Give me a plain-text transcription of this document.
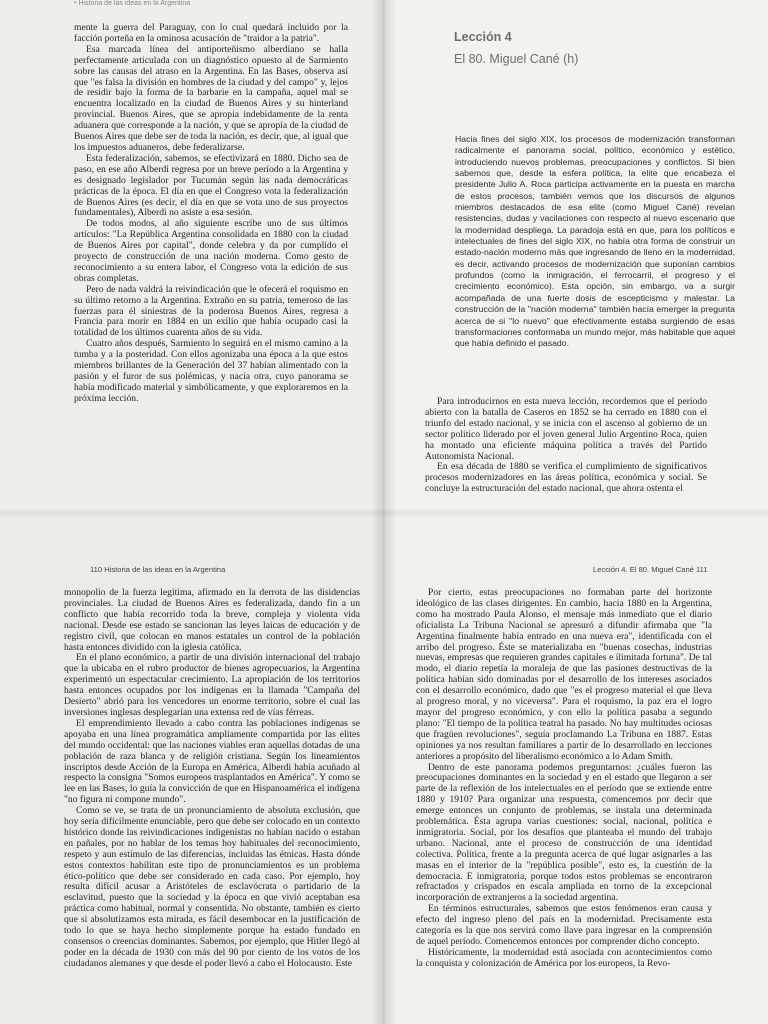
ⁿ Historia de las ideas en la Argentina

mente la guerra del Paraguay, con lo cual quedará incluido por la facción porteña en la ominosa acusación de "traidor a la patria".

Esa marcada línea del antiporteñismo alberdiano se halla perfectamente articulada con un diagnóstico opuesto al de Sarmiento sobre las causas del atraso en la Argentina. En las Bases, observa así que "es falsa la división en hombres de la ciudad y del campo" y, lejos de residir bajo la forma de la barbarie en la campaña, aquel mal se encuentra localizado en la ciudad de Buenos Aires y su hinterland provincial. Buenos Aires, que se apropia indebidamente de la renta aduanera que corresponde a la nación, y que se apropia de la ciudad de Buenos Aires que debe ser de toda la nación, es decir, que, al igual que los impuestos aduaneros, debe federalizarse.

Esta federalización, sabemos, se efectivizará en 1880. Dicho sea de paso, en ese año Alberdi regresa por un breve período a la Argentina y es designado legislador por Tucumán según las nada democráticas prácticas de la época. El día en que el Congreso vota la federalización de Buenos Aires (es decir, el día en que se vota uno de sus proyectos fundamentales), Alberdi no asiste a esa sesión.

De todos modos, al año siguiente escribe uno de sus últimos artículos: "La República Argentina consolidada en 1880 con la ciudad de Buenos Aires por capital", donde celebra y da por cumplido el proyecto de construcción de una nación moderna. Como gesto de reconocimiento a su entera labor, el Congreso vota la edición de sus obras completas.

Pero de nada valdrá la reivindicación que le ofecerá el roquismo en su último retorno a la Argentina. Extraño en su patria, temeroso de las fuerzas para él siniestras de la poderosa Buenos Aires, regresa a Francia para morir en 1884 en un exilio que había ocupado casi la totalidad de los últimos cuarenta años de su vida.

Cuatro años después, Sarmiento lo seguirá en el mismo camino a la tumba y a la posteridad. Con ellos agonizaba una época a la que estos miembros brillantes de la Generación del 37 habían alimentado con la pasión y el furor de sus polémicas, y nacía otra, cuyo panorama se había modificado material y simbólicamente, y que exploraremos en la próxima lección.

Lección 4
El 80. Miguel Cané (h)
Hacia fines del siglo XIX, los procesos de modernización transforman radicalmente el panorama social, político, económico y estético, introduciendo nuevos problemas, preocupaciones y conflictos. Si bien sabemos que, desde la esfera política, la elite que encabeza el presidente Julio A. Roca participa activamente en la puesta en marcha de estos procesos, también vemos que los discursos de algunos miembros destacados de esa elite (como Miguel Cané) revelan resistencias, dudas y vacilaciones con respecto al nuevo escenario que la modernidad despliega. La paradoja está en que, para los políticos e intelectuales de fines del siglo XIX, no había otra forma de construir un estado-nación moderno más que ingresando de lleno en la modernidad, es decir, activando procesos de modernización que suponían cambios profundos (como la inmigración, el ferrocarril, el progreso y el crecimiento económico). Esta opción, sin embargo, va a surgir acompañada de una fuerte dosis de escepticismo y malestar. La construcción de la "nación moderna" también hacía emerger la pregunta acerca de si "lo nuevo" que efectivamente estaba surgiendo de esas transformaciones conformaba un mundo mejor, más habitable que aquel que había definido el pasado.

Para introducirnos en esta nueva lección, recordemos que el período abierto con la batalla de Caseros en 1852 se ha cerrado en 1880 con el triunfo del estado nacional, y se inicia con el ascenso al gobierno de un sector político liderado por el joven general Julio Argentino Roca, quien ha montado una eficiente máquina política a través del Partido Autonomista Nacional.

En esa década de 1880 se verifica el cumplimiento de significativos procesos modernizadores en las áreas política, económica y social. Se concluye la estructuración del estado nacional, que ahora ostenta el

110 Historia de las ideas en la Argentina

monopolio de la fuerza legítima, afirmado en la derrota de las disidencias provinciales. La ciudad de Buenos Aires es federalizada, dando fin a un conflicto que había recorrido toda la breve, compleja y violenta vida nacional. Desde ese estado se sancionan las leyes laicas de educación y de registro civil, que colocan en manos estatales un control de la población hasta entonces dividido con la iglesia católica.

En el plano económico, a partir de una división internacional del trabajo que la ubicaba en el rubro productor de bienes agropecuarios, la Argentina experimentó un espectacular crecimiento. La apropiación de los territorios hasta entonces ocupados por los indígenas en la llamada "Campaña del Desierto" abrió para los vencedores un enorme territorio, sobre el cual las inversiones inglesas desplegarían una extensa red de vías férreas.

El emprendimiento llevado a cabo contra las poblaciones indígenas se apoyaba en una línea programática ampliamente compartida por las elites del mundo occidental: que las naciones viables eran aquellas dotadas de una población de raza blanca y de religión cristiana. Según los lineamientos inscriptos desde Acción de la Europa en América, Alberdi había acuñado al respecto la consigna "Somos europeos trasplantados en América". Y como se lee en las Bases, lo guía la convicción de que en Hispanoamérica el indígena "no figura ni compone mundo".

Como se ve, se trata de un pronunciamiento de absoluta exclusión, que hoy sería difícilmente enunciable, pero que debe ser colocado en un contexto histórico donde las reivindicaciones indigenistas no habían nacido o estaban en pañales, por no hablar de los temas hoy habituales del reconocimiento, respeto y aun estímulo de las diferencias, incluidas las étnicas. Hasta dónde estos contextos habilitan este tipo de pronunciamientos es un problema ético-político que debe ser considerado en cada caso. Por ejemplo, hoy resulta difícil acusar a Aristóteles de esclavócrata o partidario de la esclavitud, puesto que la sociedad y la época en que vivió aceptaban esa práctica como habitual, normal y consentida. No obstante, también es cierto que si absolutizamos esta mirada, es fácil desembocar en la justificación de todo lo que se haya hecho simplemente porque ha estado fundado en consensos o creencias dominantes. Sabemos, por ejemplo, que Hitler llegó al poder en la década de 1930 con más del 90 por ciento de los votos de los ciudadanos alemanes y que desde el poder llevó a cabo el Holocausto. Este

Lección 4. El 80. Miguel Cané 111

Por cierto, estas preocupaciones no formaban parte del horizonte ideológico de las clases dirigentes. En cambio, hacia 1880 en la Argentina, como ha mostrado Paula Alonso, el mensaje más inmediato que el diario oficialista La Tribuna Nacional se apresuró a difundir afirmaba que "la Argentina finalmente había entrado en una nueva era", identificada con el arribo del progreso. Éste se materializaba en "buenas cosechas, industrias nuevas, empresas que requieren grandes capitales e ilimitada fortuna". De tal modo, el diario repetía la moraleja de que las pasiones destructivas de la política habían sido dominadas por el desarrollo de los intereses asociados con el desarrollo económico, dado que "es el progreso material el que lleva al progreso moral, y no viceversa". Para el roquismo, la paz era el logro mayor del progreso económico, y con ello la política pasaba a segundo plano: "El tiempo de la política teatral ha pasado. No hay multitudes ociosas que fragüen revoluciones", seguía proclamando La Tribuna en 1887. Estas opiniones ya nos resultan familiares a partir de lo desarrollado en lecciones anteriores a propósito del liberalismo económico a lo Adam Smith.

Dentro de este panorama podemos preguntarnos: ¿cuáles fueron las preocupaciones dominantes en la sociedad y en el estado que llegaron a ser parte de la reflexión de los intelectuales en el período que se extiende entre 1880 y 1910? Para organizar una respuesta, comencemos por decir que emerge entonces un conjunto de problemas, se instala una determinada problemática. Ésta agrupa varias cuestiones: social, nacional, política e inmigratoria. Social, por los desafíos que planteaba el mundo del trabajo urbano. Nacional, ante el proceso de construcción de una identidad colectiva. Política, frente a la pregunta acerca de qué lugar asignarles a las masas en el interior de la "república posible", esto es, la cuestión de la democracia. E inmigratoria, porque todos estos problemas se encontraron refractados y crispados en escala ampliada en torno de la excepcional incorporación de extranjeros a la sociedad argentina.

En términos estructurales, sabemos que estos fenómenos eran causa y efecto del ingreso pleno del país en la modernidad. Precisamente esta categoría es la que nos servirá como llave para ingresar en la comprensión de aquel período. Comencemos entonces por comprender dicho concepto.

Históricamente, la modernidad está asociada con acontecimientos como la conquista y colonización de América por los europeos, la Revo-
